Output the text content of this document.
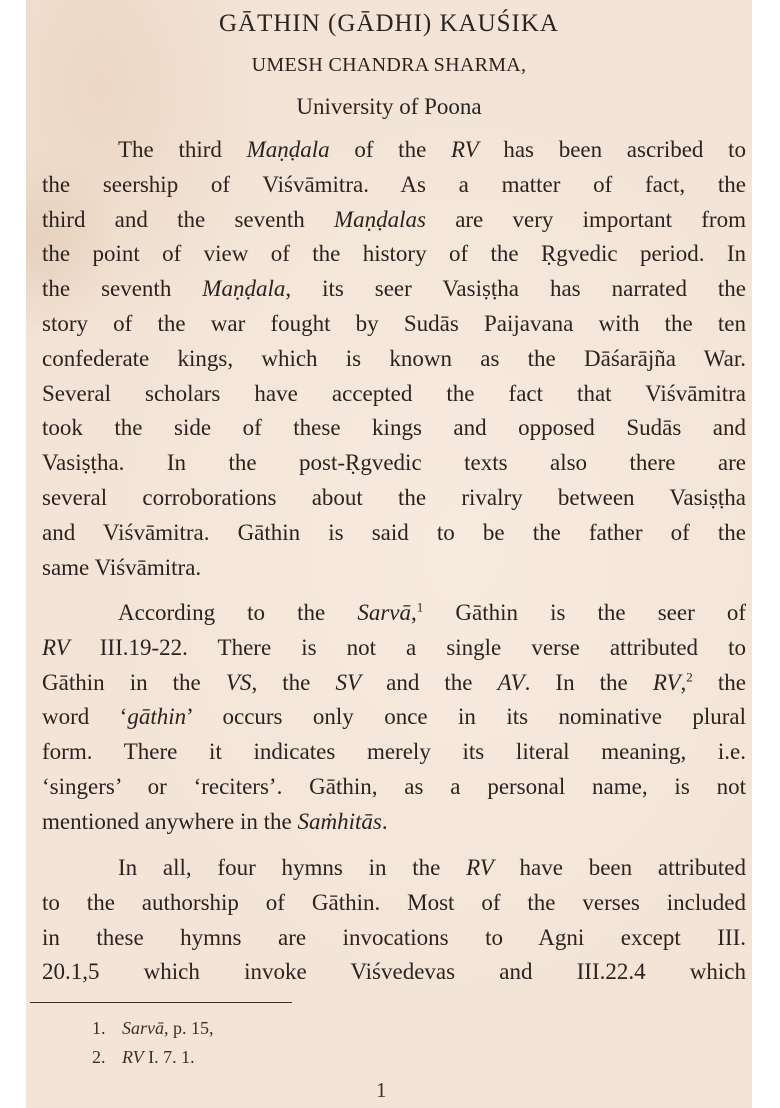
GĀTHIN (GĀDHI) KAUŚIKA
UMESH CHANDRA SHARMA,
University of Poona
The third Maṇḍala of the RV has been ascribed to
the seership of Viśvāmitra. As a matter of fact, the
third and the seventh Maṇḍalas are very important from
the point of view of the history of the Ṛgvedic period. In
the seventh Maṇḍala, its seer Vasiṣṭha has narrated the
story of the war fought by Sudās Paijavana with the ten
confederate kings, which is known as the Dāśarājña War.
Several scholars have accepted the fact that Viśvāmitra
took the side of these kings and opposed Sudās and
Vasiṣṭha. In the post-Ṛgvedic texts also there are
several corroborations about the rivalry between Vasiṣṭha
and Viśvāmitra. Gāthin is said to be the father of the
same Viśvāmitra.
According to the Sarvā,$^1$ Gāthin is the seer of
RV III.19-22. There is not a single verse attributed to
Gāthin in the VS, the SV and the AV. In the RV,$^2$ the
word ‘gāthin’ occurs only once in its nominative plural
form. There it indicates merely its literal meaning, i.e.
‘singers’ or ‘reciters’. Gāthin, as a personal name, is not
mentioned anywhere in the Saṁhitās.
In all, four hymns in the RV have been attributed
to the authorship of Gāthin. Most of the verses included
in these hymns are invocations to Agni except III.
20.1,5 which invoke Viśvedevas and III.22.4 which
1. Sarvā, p. 15,
2. RV I. 7. 1.
1
